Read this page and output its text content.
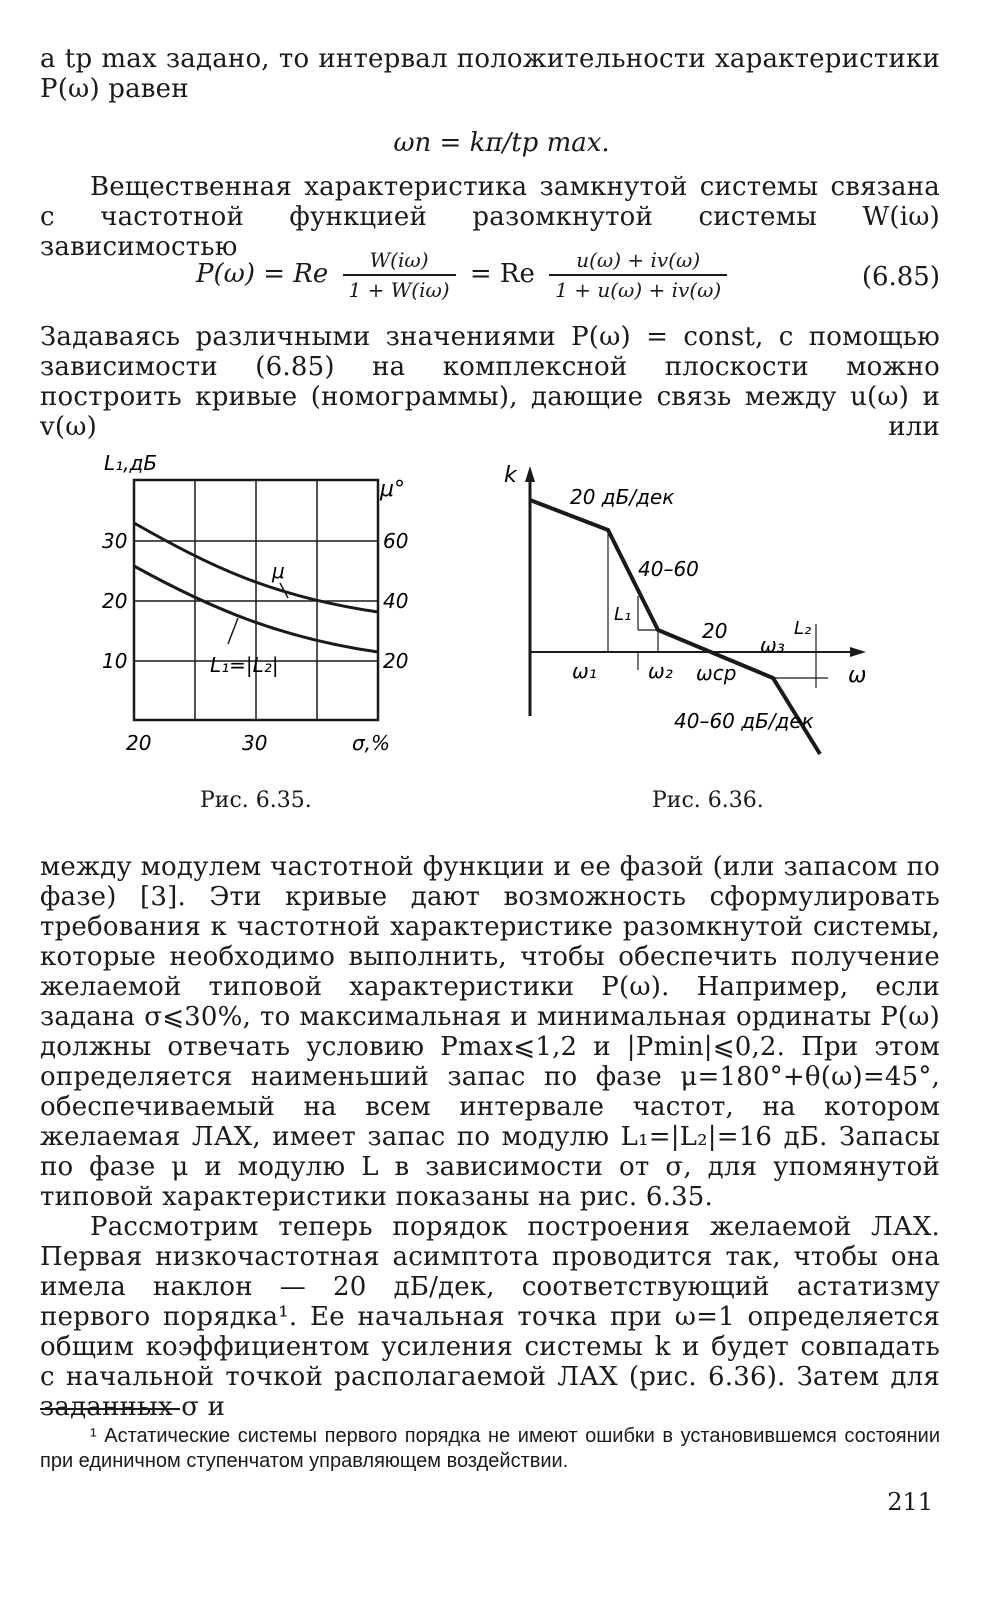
а tр max задано, то интервал положительности характеристики
P(ω) равен
ωп = kπ/tр max.
Вещественная характеристика замкнутой системы связана с частотной функцией разомкнутой системы W(iω) зависимостью
P(ω) = Re $\frac{W(i\omega)}{1 + W(i\omega)} = Re \frac{u(\omega) + iv(\omega)}{1 + u(\omega) + iv(\omega)}$	(6.85)
Задаваясь различными значениями P(ω) = const, с помощью зависимости (6.85) на комплексной плоскости можно построить кривые (номограммы), дающие связь между u(ω) и v(ω) или
L₁,дБ
μ°
30
20
10
60
40
20
20	30	σ,%
μ
L₁=|L₂|
Рис. 6.35.
k
ω
20 дБ/дек
40–60
20
40–60 дБ/дек
L₁
L₂
ω₁	ω₂ ωср
ω₃
Рис. 6.36.
между модулем частотной функции и ее фазой (или запасом по фазе) [3]. Эти кривые дают возможность сформулировать требования к частотной характеристике разомкнутой системы, которые необходимо выполнить, чтобы обеспечить получение желаемой типовой характеристики P(ω). Например, если задана σ⩽30%, то максимальная и минимальная ординаты P(ω) должны отвечать условию Pmax⩽1,2 и |Pmin|⩽0,2. При этом определяется наименьший запас по фазе μ=180°+θ(ω)=45°, обеспечиваемый на всем интервале частот, на котором желаемая ЛАХ, имеет запас по модулю L₁=|L₂|=16 дБ. Запасы по фазе μ и модулю L в зависимости от σ, для упомянутой типовой характеристики показаны на рис. 6.35.
Рассмотрим теперь порядок построения желаемой ЛАХ. Первая низкочастотная асимптота проводится так, чтобы она имела наклон — 20 дБ/дек, соответствующий астатизму первого порядка¹. Ее начальная точка при ω=1 определяется общим коэффициентом усиления системы k и будет совпадать с начальной точкой располагаемой ЛАХ (рис. 6.36). Затем для заданных σ и
¹ Астатические системы первого порядка не имеют ошибки в установившемся состоянии при единичном ступенчатом управляющем воздействии.
211
